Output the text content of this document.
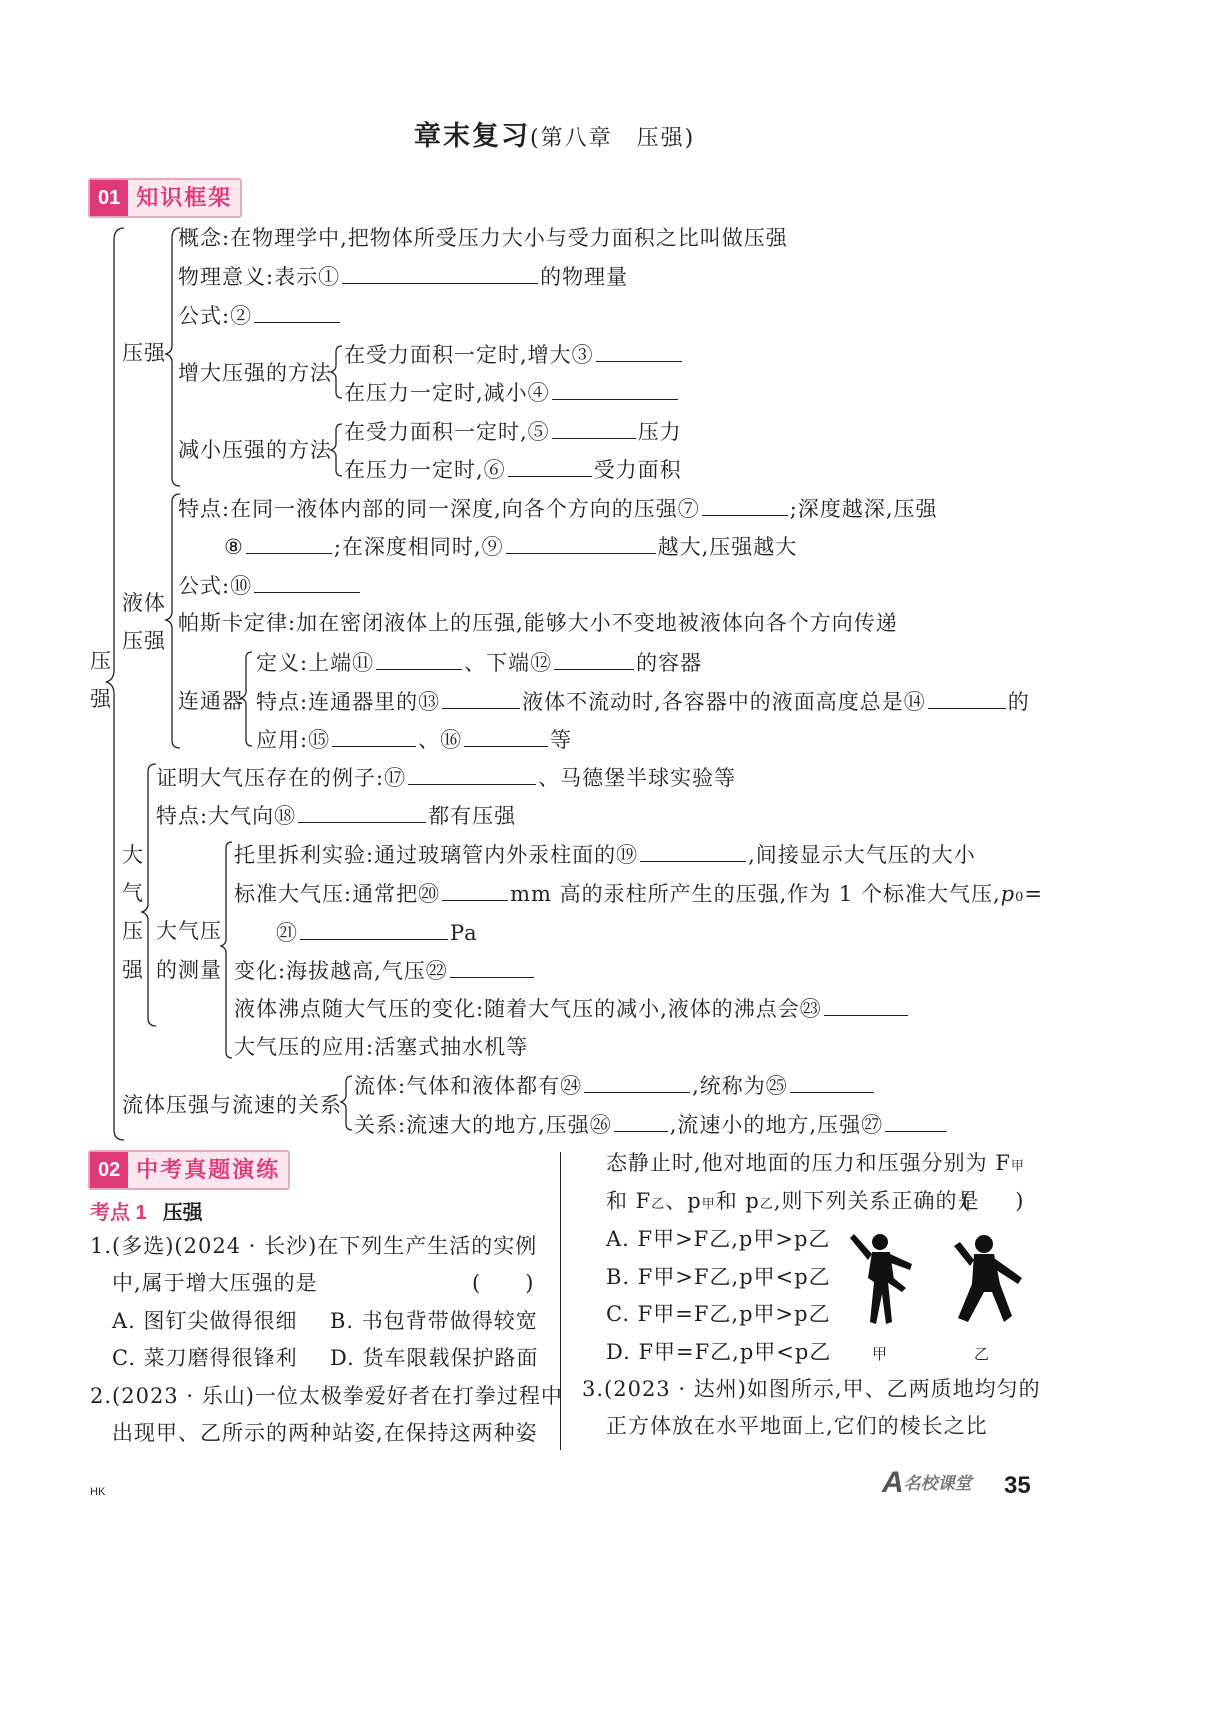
章末复习(第八章　压强)
01 知识框架
压
强
压强
概念:在物理学中,把物体所受压力大小与受力面积之比叫做压强
物理意义:表示①	的物理量
公式:②
增大压强的方法
在受力面积一定时,增大③
在压力一定时,减小④
减小压强的方法
在受力面积一定时,⑤	压力
在压力一定时,⑥	受力面积
液体
压强
特点:在同一液体内部的同一深度,向各个方向的压强⑦	;深度越深,压强
⑧	;在深度相同时,⑨	越大,压强越大
公式:⑩
帕斯卡定律:加在密闭液体上的压强,能够大小不变地被液体向各个方向传递
连通器
定义:上端⑪	、下端⑫	的容器
特点:连通器里的⑬	液体不流动时,各容器中的液面高度总是⑭	的
应用:⑮	、⑯	等
大
气
压
强
证明大气压存在的例子:⑰	、马德堡半球实验等
特点:大气向⑱	都有压强
大气压
的测量
托里拆利实验:通过玻璃管内外汞柱面的⑲	,间接显示大气压的大小
标准大气压:通常把⑳	mm 高的汞柱所产生的压强,作为 1 个标准大气压,p0=
㉑	Pa
变化:海拔越高,气压㉒
液体沸点随大气压的变化:随着大气压的减小,液体的沸点会㉓
大气压的应用:活塞式抽水机等
流体压强与流速的关系
流体:气体和液体都有㉔	,统称为㉕
关系:流速大的地方,压强㉖	,流速小的地方,压强㉗
02 中考真题演练
考点 1 压强
1.(多选)(2024 · 长沙)在下列生产生活的实例
中,属于增大压强的是	(　　)
A. 图钉尖做得很细 B. 书包背带做得较宽
C. 菜刀磨得很锋利 D. 货车限载保护路面
2.(2023 · 乐山)一位太极拳爱好者在打拳过程中
出现甲、乙所示的两种站姿,在保持这两种姿
态静止时,他对地面的压力和压强分别为 F甲
和 F乙、p甲和 p乙,则下列关系正确的是
(　　)
A. F甲>F乙,p甲>p乙
B. F甲>F乙,p甲<p乙
C. F甲=F乙,p甲>p乙
D. F甲=F乙,p甲<p乙	甲	乙
3.(2023 · 达州)如图所示,甲、乙两质地均匀的
正方体放在水平地面上,它们的棱长之比
HK	A 名校课堂 35
